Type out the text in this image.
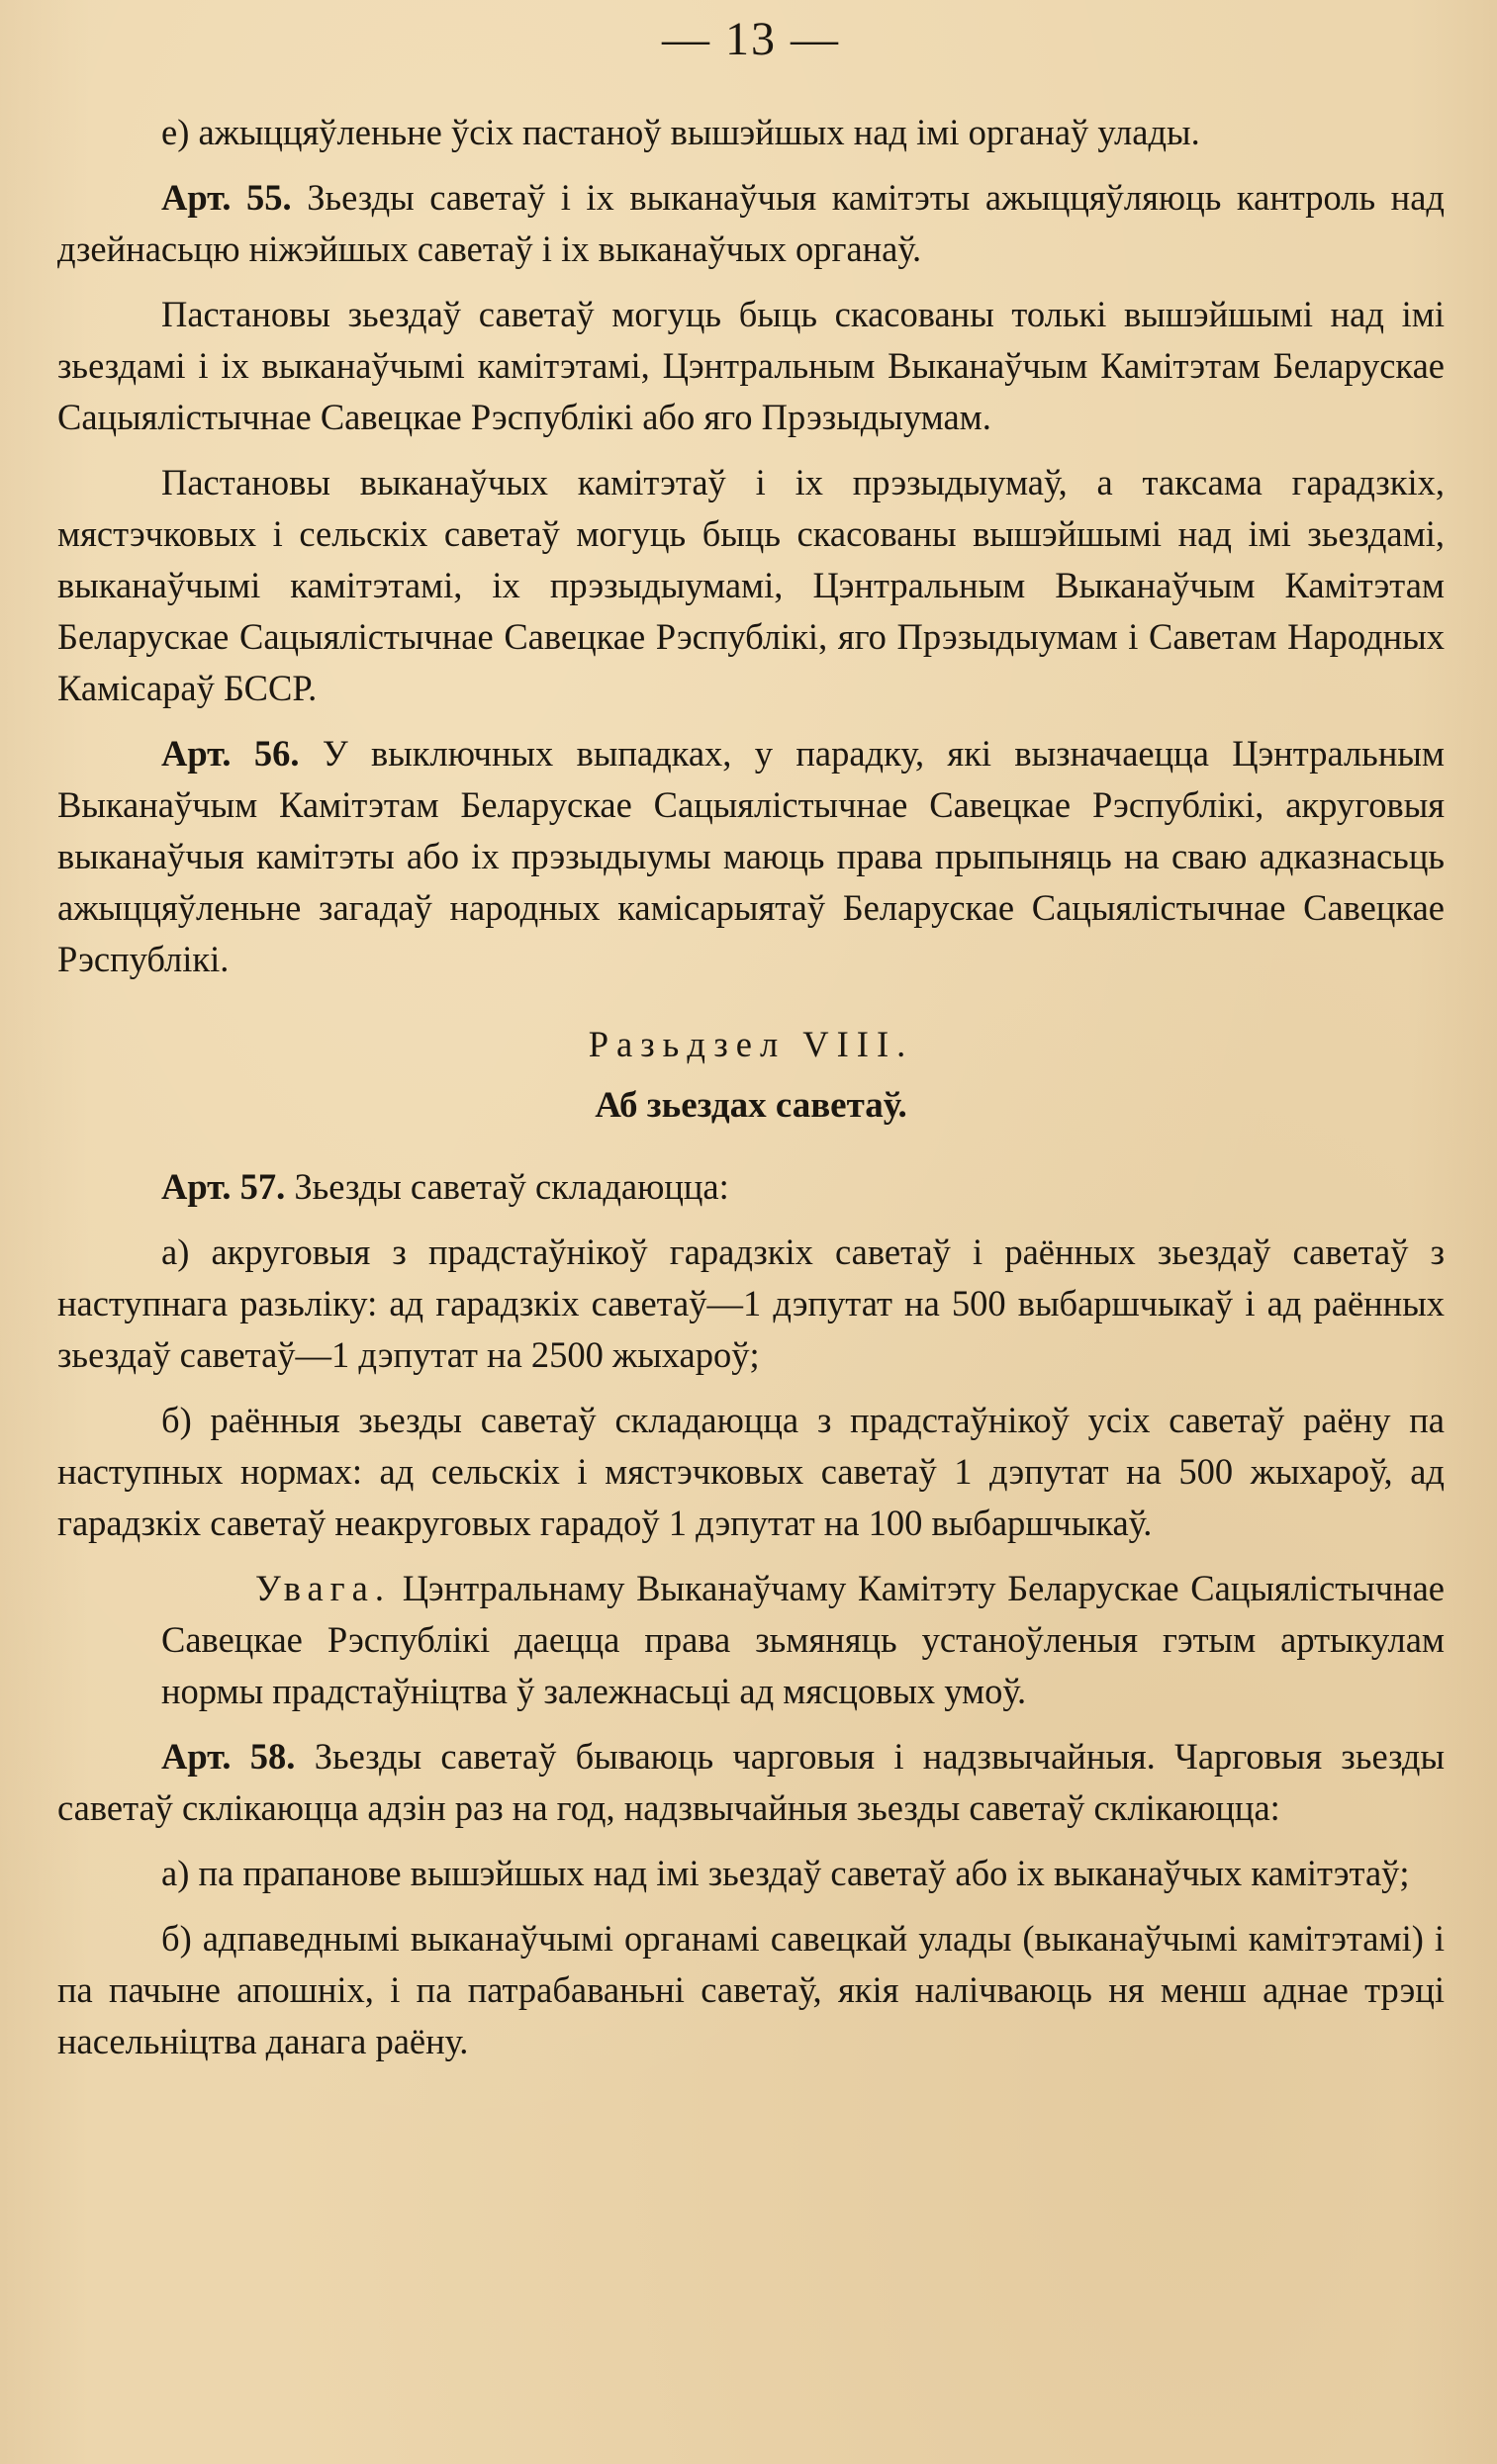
— 13 —

е) ажыццяўленьне ўсіх пастаноў вышэйшых над імі органаў улады.

Арт. 55. Зьезды саветаў і іх выканаўчыя камітэты ажыццяўляюць кантроль над дзейнасьцю ніжэйшых саветаў і іх выканаўчых органаў.

Пастановы зьездаў саветаў могуць быць скасованы толькі вышэйшымі над імі зьездамі і іх выканаўчымі камітэтамі, Цэнтральным Выканаўчым Камітэтам Беларускае Сацыялістычнае Савецкае Рэспублікі або яго Прэзыдыумам.

Пастановы выканаўчых камітэтаў і іх прэзыдыумаў, а таксама гарадзкіх, мястэчковых і сельскіх саветаў могуць быць скасованы вышэйшымі над імі зьездамі, выканаўчымі камітэтамі, іх прэзыдыумамі, Цэнтральным Выканаўчым Камітэтам Беларускае Сацыялістычнае Савецкае Рэспублікі, яго Прэзыдыумам і Саветам Народных Камісараў БССР.

Арт. 56. У выключных выпадках, у парадку, які вызначаецца Цэнтральным Выканаўчым Камітэтам Беларускае Сацыялістычнае Савецкае Рэспублікі, акруговыя выканаўчыя камітэты або іх прэзыдыумы маюць права прыпыняць на сваю адказнасьць ажыццяўленьне загадаў народных камісарыятаў Беларускае Сацыялістычнае Савецкае Рэспублікі.

Разьдзел VIII.

Аб зьездах саветаў.

Арт. 57. Зьезды саветаў складаюцца:

а) акруговыя з прадстаўнікоў гарадзкіх саветаў і раённых зьездаў саветаў з наступнага разьліку: ад гарадзкіх саветаў—1 дэпутат на 500 выбаршчыкаў і ад раённых зьездаў саветаў—1 дэпутат на 2500 жыхароў;

б) раённыя зьезды саветаў складаюцца з прадстаўнікоў усіх саветаў раёну па наступных нормах: ад сельскіх і мястэчковых саветаў 1 дэпутат на 500 жыхароў, ад гарадзкіх саветаў неакруговых гарадоў 1 дэпутат на 100 выбаршчыкаў.

Увага. Цэнтральнаму Выканаўчаму Камітэту Беларускае Сацыялістычнае Савецкае Рэспублікі даецца права зьмяняць устаноўленыя гэтым артыкулам нормы прадстаўніцтва ў залежнасьці ад мясцовых умоў.

Арт. 58. Зьезды саветаў бываюць чарговыя і надзвычайныя. Чарговыя зьезды саветаў склікаюцца адзін раз на год, надзвычайныя зьезды саветаў склікаюцца:

а) па прапанове вышэйшых над імі зьездаў саветаў або іх выканаўчых камітэтаў;

б) адпаведнымі выканаўчымі органамі савецкай улады (выканаўчымі камітэтамі) і па пачыне апошніх, і па патрабаваньні саветаў, якія налічваюць ня менш аднае трэці насельніцтва данага раёну.
